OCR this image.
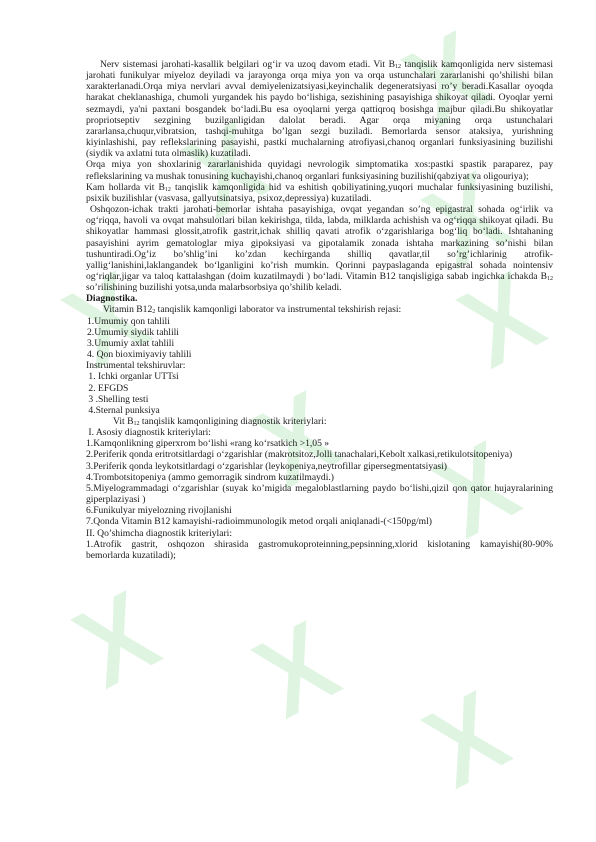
Nerv sistemasi jarohati-kasallik belgilari og‘ir va uzoq davom etadi. Vit $B_{12}$ tanqislik kamqonligida nerv sistemasi jarohati funikulyar miyeloz deyiladi va jarayonga orqa miya yon va orqa ustunchalari zararlanishi qo’shilishi bilan xarakterlanadi.Orqa miya nervlari avval demiyelenizatsiyasi,keyinchalik degeneratsiyasi ro’y beradi.Kasallar oyoqda harakat cheklanashiga, chumoli yurgandek his paydo bo‘lishiga, sezishining pasayishiga shikoyat qiladi. Oyoqlar yerni sezmaydi, ya'ni paxtani bosgandek bo‘ladi.Bu esa oyoqlarni yerga qattiqroq bosishga majbur qiladi.Bu shikoyatlar propriotseptiv sezgining buzilganligidan dalolat beradi. Agar orqa miyaning orqa ustunchalari zararlansa,chuqur,vibratsion, tashqi-muhitga bo’lgan sezgi buziladi. Bemorlarda sensor ataksiya, yurishning kiyinlashishi, pay reflekslarining pasayishi, pastki muchalarning atrofiyasi,chanoq organlari funksiyasining buzilishi (siydik va axlatni tuta olmaslik) kuzatiladi.

Orqa miya yon shoxlarinig zararlanishida quyidagi nevrologik simptomatika xos:pastki spastik paraparez, pay reflekslarining va mushak tonusining kuchayishi,chanoq organlari funksiyasining buzilishi(qabziyat va oligouriya);

Kam hollarda vit $B_{12}$ tanqislik kamqonligida hid va eshitish qobiliyatining,yuqori muchalar funksiyasining buzilishi, psixik buzilishlar (vasvasa, gallyutsinatsiya, psixoz,depressiya) kuzatiladi.

Oshqozon-ichak trakti jarohati-bemorlar ishtaha pasayishiga, ovqat yegandan so’ng epigastral sohada og‘irlik va og‘riqqa, havoli va ovqat mahsulotlari bilan kekirishga, tilda, labda, milklarda achishish va og‘riqqa shikoyat qiladi. Bu shikoyatlar hammasi glossit,atrofik gastrit,ichak shilliq qavati atrofik o‘zgarishlariga bog‘liq bo‘ladi. Ishtahaning pasayishini ayrim gematologlar miya gipoksiyasi va gipotalamik zonada ishtaha markazining so’nishi bilan tushuntiradi.Og’iz bo’shlig’ini ko’zdan kechirganda shilliq qavatlar,til so’rg’ichlarinig atrofik-yallig‘lanishini,laklangandek bo‘lganligini ko’rish mumkin. Qorinni paypaslaganda epigastral sohada nointensiv og‘riqlar,jigar va taloq kattalashgan (doim kuzatilmaydi ) bo‘ladi. Vitamin B12 tanqisligiga sabab ingichka ichakda $B_{12}$ so’rilishining buzilishi yotsa,unda malarbsorbsiya qo’shilib keladi.

Diagnostika.

Vitamin $B12_2$ tanqislik kamqonligi laborator va instrumental tekshirish rejasi:

1.Umumiy qon tahlili

2.Umumiy siydik tahlili

3.Umumiy axlat tahlili

4. Qon bioximiyaviy tahlili

Instrumental tekshiruvlar:

1. Ichki organlar UTTsi

2. EFGDS

3 .Shelling testi

4.Sternal punksiya

Vit $B_{12}$ tanqislik kamqonligining diagnostik kriteriylari:

I. Asosiy diagnostik kriteriylari:

1.Kamqonlikning giperxrom bo‘lishi «rang ko‘rsatkich >1,05 »

2.Periferik qonda eritrotsitlardagi o‘zgarishlar (makrotsitoz,Jolli tanachalari,Kebolt xalkasi,retikulotsitopeniya)

3.Periferik qonda leykotsitlardagi o‘zgarishlar (leykopeniya,neytrofillar gipersegmentatsiyasi)

4.Trombotsitopeniya (ammo gemorragik sindrom kuzatilmaydi.)

5.Miyelogrammadagi o‘zgarishlar (suyak ko’migida megaloblastlarning paydo bo‘lishi,qizil qon qator hujayralarining giperplaziyasi )

6.Funikulyar miyelozning rivojlanishi

7.Qonda Vitamin B12 kamayishi-radioimmunologik metod orqali aniqlanadi-(<150pg/ml)

II. Qo’shimcha diagnostik kriteriylari:

1.Atrofik gastrit, oshqozon shirasida gastromukoproteinning,pepsinning,xlorid kislotaning kamayishi(80-90% bemorlarda kuzatiladi);
